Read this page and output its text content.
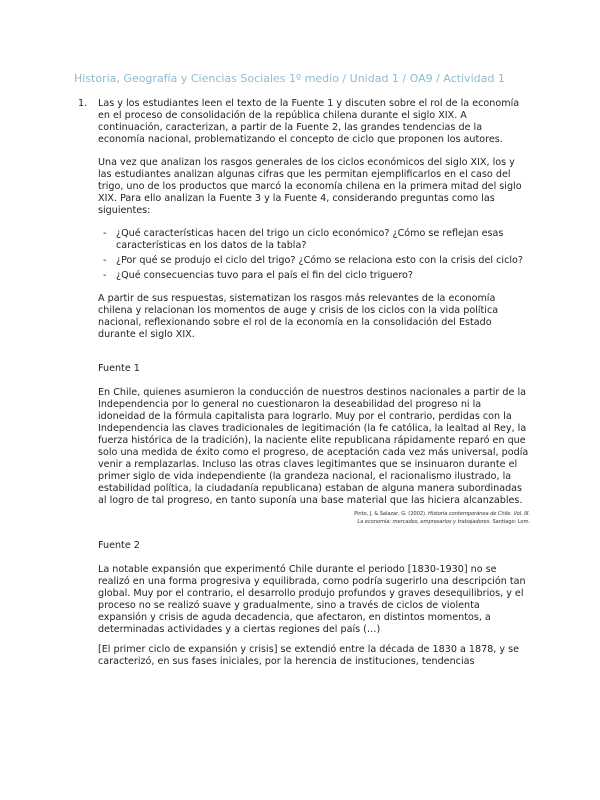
Historia, Geografía y Ciencias Sociales 1º medio / Unidad 1 / OA9 / Actividad 1
1. Las y los estudiantes leen el texto de la Fuente 1 y discuten sobre el rol de la economía en el proceso de consolidación de la república chilena durante el siglo XIX. A continuación, caracterizan, a partir de la Fuente 2, las grandes tendencias de la economía nacional, problematizando el concepto de ciclo que proponen los autores.

Una vez que analizan los rasgos generales de los ciclos económicos del siglo XIX, los y las estudiantes analizan algunas cifras que les permitan ejemplificarlos en el caso del trigo, uno de los productos que marcó la economía chilena en la primera mitad del siglo XIX. Para ello analizan la Fuente 3 y la Fuente 4, considerando preguntas como las siguientes:

- ¿Qué características hacen del trigo un ciclo económico? ¿Cómo se reflejan esas características en los datos de la tabla?
- ¿Por qué se produjo el ciclo del trigo? ¿Cómo se relaciona esto con la crisis del ciclo?
- ¿Qué consecuencias tuvo para el país el fin del ciclo triguero?

A partir de sus respuestas, sistematizan los rasgos más relevantes de la economía chilena y relacionan los momentos de auge y crisis de los ciclos con la vida política nacional, reflexionando sobre el rol de la economía en la consolidación del Estado durante el siglo XIX.

Fuente 1

En Chile, quienes asumieron la conducción de nuestros destinos nacionales a partir de la Independencia por lo general no cuestionaron la deseabilidad del progreso ni la idoneidad de la fórmula capitalista para lograrlo. Muy por el contrario, perdidas con la Independencia las claves tradicionales de legitimación (la fe católica, la lealtad al Rey, la fuerza histórica de la tradición), la naciente elite republicana rápidamente reparó en que solo una medida de éxito como el progreso, de aceptación cada vez más universal, podía venir a remplazarlas. Incluso las otras claves legitimantes que se insinuaron durante el primer siglo de vida independiente (la grandeza nacional, el racionalismo ilustrado, la estabilidad política, la ciudadanía republicana) estaban de alguna manera subordinadas al logro de tal progreso, en tanto suponía una base material que las hiciera alcanzables.

Pinto, J. & Salazar, G. (2002). Historia contemporánea de Chile. Vol. III.
La economía: mercados, empresarios y trabajadores. Santiago: Lom.
Fuente 2

La notable expansión que experimentó Chile durante el periodo [1830-1930] no se realizó en una forma progresiva y equilibrada, como podría sugerirlo una descripción tan global. Muy por el contrario, el desarrollo produjo profundos y graves desequilibrios, y el proceso no se realizó suave y gradualmente, sino a través de ciclos de violenta expansión y crisis de aguda decadencia, que afectaron, en distintos momentos, a determinadas actividades y a ciertas regiones del país (…)

[El primer ciclo de expansión y crisis] se extendió entre la década de 1830 a 1878, y se caracterizó, en sus fases iniciales, por la herencia de instituciones, tendencias
